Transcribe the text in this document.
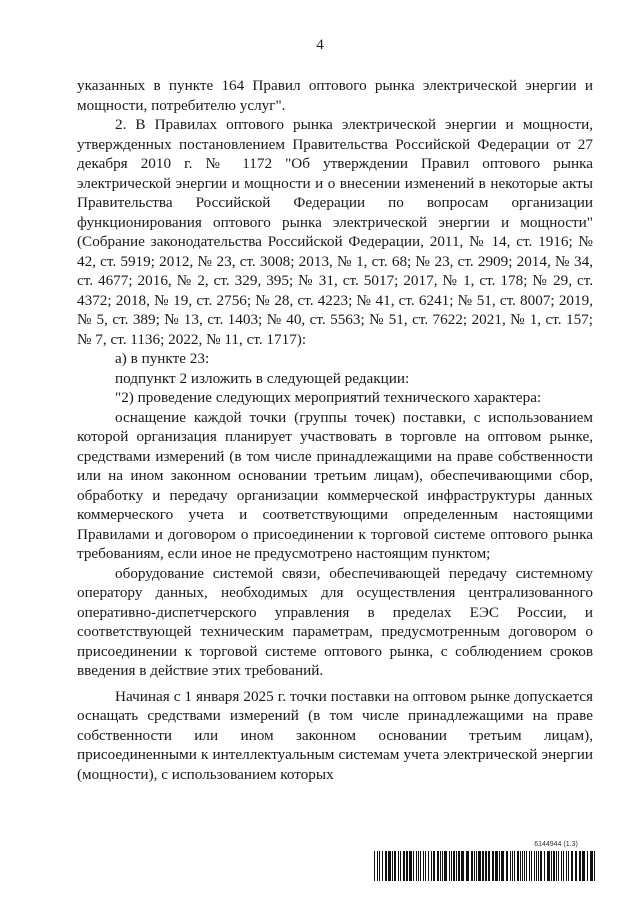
4

указанных в пункте 164 Правил оптового рынка электрической энергии и мощности, потребителю услуг".

2. В Правилах оптового рынка электрической энергии и мощности, утвержденных постановлением Правительства Российской Федерации от 27 декабря 2010 г. № 1172 "Об утверждении Правил оптового рынка электрической энергии и мощности и о внесении изменений в некоторые акты Правительства Российской Федерации по вопросам организации функционирования оптового рынка электрической энергии и мощности" (Собрание законодательства Российской Федерации, 2011, № 14, ст. 1916; № 42, ст. 5919; 2012, № 23, ст. 3008; 2013, № 1, ст. 68; № 23, ст. 2909; 2014, № 34, ст. 4677; 2016, № 2, ст. 329, 395; № 31, ст. 5017; 2017, № 1, ст. 178; № 29, ст. 4372; 2018, № 19, ст. 2756; № 28, ст. 4223; № 41, ст. 6241; № 51, ст. 8007; 2019, № 5, ст. 389; № 13, ст. 1403; № 40, ст. 5563; № 51, ст. 7622; 2021, № 1, ст. 157; № 7, ст. 1136; 2022, № 11, ст. 1717):

а) в пункте 23:

подпункт 2 изложить в следующей редакции:

"2) проведение следующих мероприятий технического характера:

оснащение каждой точки (группы точек) поставки, с использованием которой организация планирует участвовать в торговле на оптовом рынке, средствами измерений (в том числе принадлежащими на праве собственности или на ином законном основании третьим лицам), обеспечивающими сбор, обработку и передачу организации коммерческой инфраструктуры данных коммерческого учета и соответствующими определенным настоящими Правилами и договором о присоединении к торговой системе оптового рынка требованиям, если иное не предусмотрено настоящим пунктом;

оборудование системой связи, обеспечивающей передачу системному оператору данных, необходимых для осуществления централизованного оперативно-диспетчерского управления в пределах ЕЭС России, и соответствующей техническим параметрам, предусмотренным договором о присоединении к торговой системе оптового рынка, с соблюдением сроков введения в действие этих требований.

Начиная с 1 января 2025 г. точки поставки на оптовом рынке допускается оснащать средствами измерений (в том числе принадлежащими на праве собственности или ином законном основании третьим лицам), присоединенными к интеллектуальным системам учета электрической энергии (мощности), с использованием которых

6144944 (1.3)
